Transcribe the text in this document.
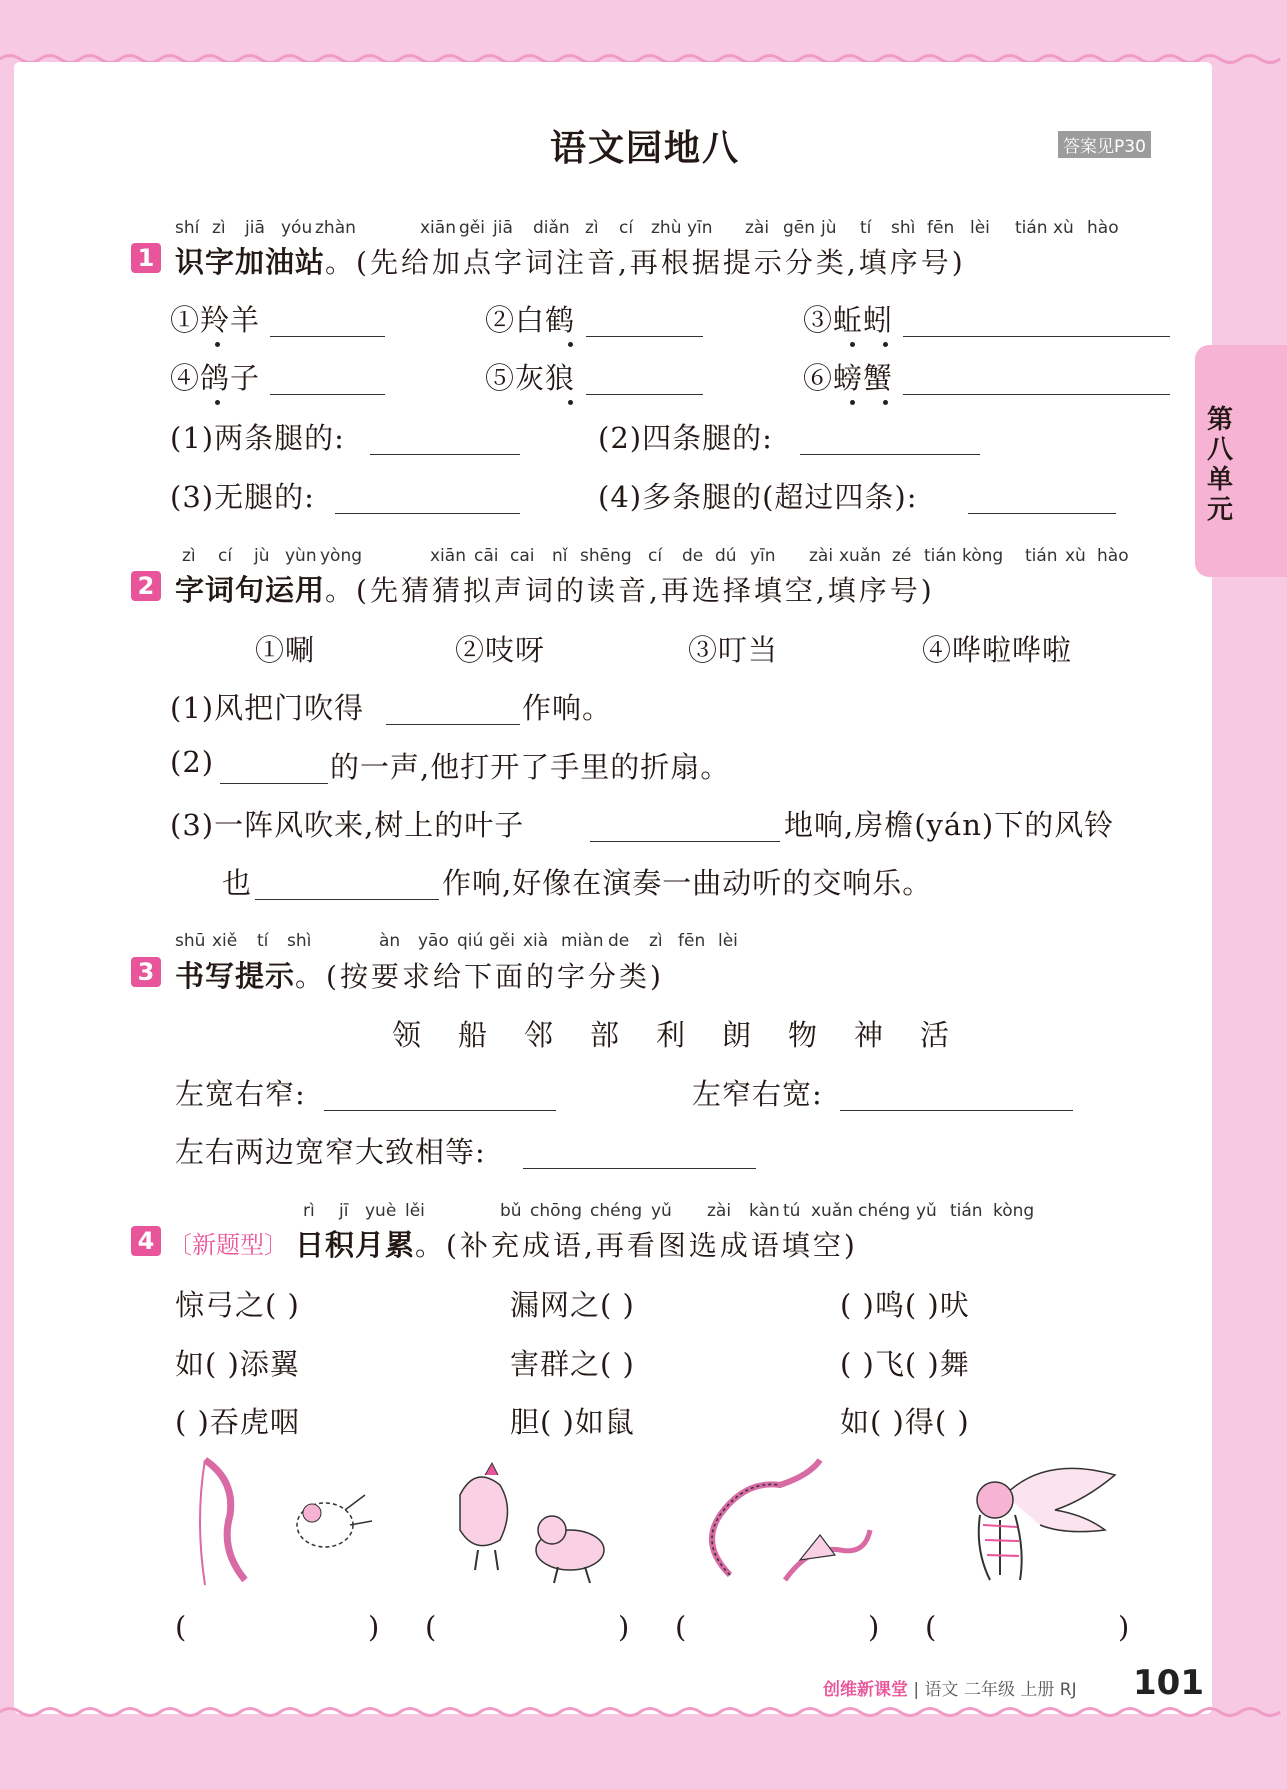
语文园地八	答案见P30
第八单元
shí zì jiā yóu zhàn	xiān gěi jiā diǎn zì cí zhù yīn zài gēn jù tí shì fēn lèi tián xù hào
1 识字加油站。(先给加点字词注音,再根据提示分类,填序号)
①羚羊	②白鹤	③蚯蚓
④鸽子	⑤灰狼	⑥螃蟹
(1)两条腿的:	(2)四条腿的:
(3)无腿的:	(4)多条腿的(超过四条):
zì cí jù yùn yòng	xiān cāi cai nǐ shēng cí de dú yīn zài xuǎn zé tián kòng tián xù hào
2 字词句运用。(先猜猜拟声词的读音,再选择填空,填序号)
①唰	②吱呀	③叮当	④哗啦哗啦
(1)风把门吹得	作响。
(2)	的一声,他打开了手里的折扇。
(3)一阵风吹来,树上的叶子	地响,房檐(yán)下的风铃
也	作响,好像在演奏一曲动听的交响乐。
shū xiě tí shì	àn yāo qiú gěi xià miàn de zì fēn lèi
3 书写提示。(按要求给下面的字分类)
领 船 邻 部 利 朗 物 神 活
左宽右窄:	左窄右宽:
左右两边宽窄大致相等:
rì jī yuè lěi	bǔ chōng chéng yǔ zài kàn tú xuǎn chéng yǔ tián kòng
4 〔新题型〕 日积月累。(补充成语,再看图选成语填空)
惊弓之( )	漏网之( )	( )鸣( )吠
如( )添翼	害群之( )	( )飞( )舞
( )吞虎咽	胆( )如鼠	如( )得( )
(	) (	) (	) (	)
创维新课堂 | 语文 二年级 上册 RJ 101
